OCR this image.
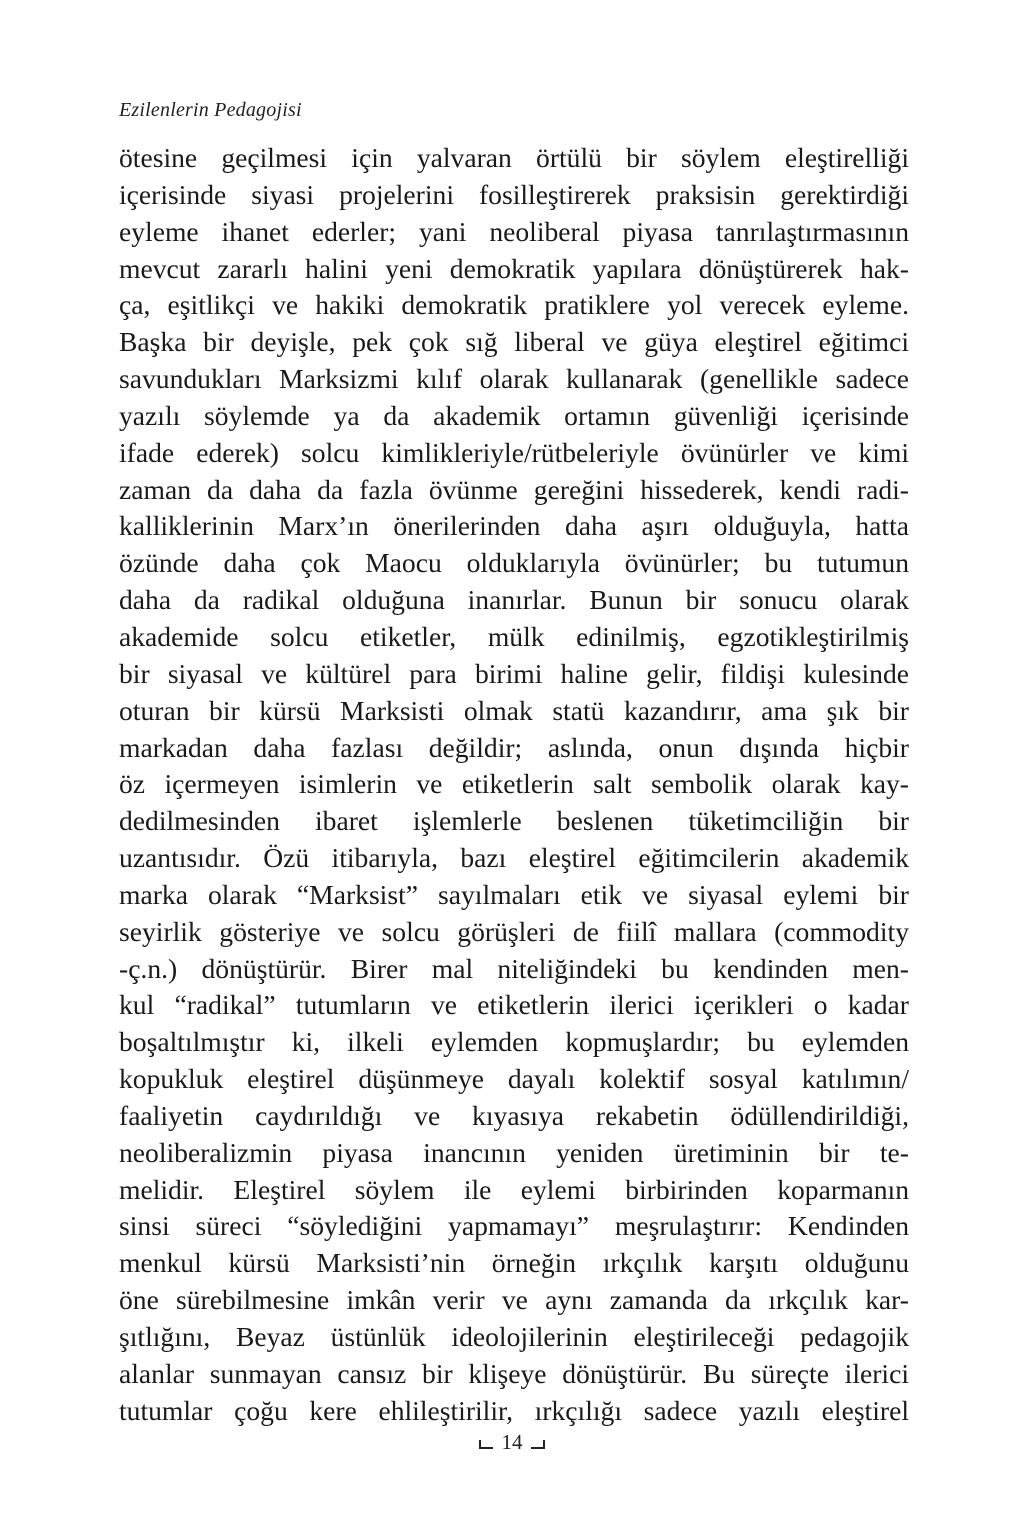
Ezilenlerin Pedagojisi
ötesine geçilmesi için yalvaran örtülü bir söylem eleştirelliği
içerisinde siyasi projelerini fosilleştirerek praksisin gerektirdiği
eyleme ihanet ederler; yani neoliberal piyasa tanrılaştırmasının
mevcut zararlı halini yeni demokratik yapılara dönüştürerek hak-
ça, eşitlikçi ve hakiki demokratik pratiklere yol verecek eyleme.
Başka bir deyişle, pek çok sığ liberal ve güya eleştirel eğitimci
savundukları Marksizmi kılıf olarak kullanarak (genellikle sadece
yazılı söylemde ya da akademik ortamın güvenliği içerisinde
ifade ederek) solcu kimlikleriyle/rütbeleriyle övünürler ve kimi
zaman da daha da fazla övünme gereğini hissederek, kendi radi-
kalliklerinin Marx’ın önerilerinden daha aşırı olduğuyla, hatta
özünde daha çok Maocu olduklarıyla övünürler; bu tutumun
daha da radikal olduğuna inanırlar. Bunun bir sonucu olarak
akademide solcu etiketler, mülk edinilmiş, egzotikleştirilmiş
bir siyasal ve kültürel para birimi haline gelir, fildişi kulesinde
oturan bir kürsü Marksisti olmak statü kazandırır, ama şık bir
markadan daha fazlası değildir; aslında, onun dışında hiçbir
öz içermeyen isimlerin ve etiketlerin salt sembolik olarak kay-
dedilmesinden ibaret işlemlerle beslenen tüketimciliğin bir
uzantısıdır. Özü itibarıyla, bazı eleştirel eğitimcilerin akademik
marka olarak “Marksist” sayılmaları etik ve siyasal eylemi bir
seyirlik gösteriye ve solcu görüşleri de fiilî mallara (commodity
-ç.n.) dönüştürür. Birer mal niteliğindeki bu kendinden men-
kul “radikal” tutumların ve etiketlerin ilerici içerikleri o kadar
boşaltılmıştır ki, ilkeli eylemden kopmuşlardır; bu eylemden
kopukluk eleştirel düşünmeye dayalı kolektif sosyal katılımın/
faaliyetin caydırıldığı ve kıyasıya rekabetin ödüllendirildiği,
neoliberalizmin piyasa inancının yeniden üretiminin bir te-
melidir. Eleştirel söylem ile eylemi birbirinden koparmanın
sinsi süreci “söylediğini yapmamayı” meşrulaştırır: Kendinden
menkul kürsü Marksisti’nin örneğin ırkçılık karşıtı olduğunu
öne sürebilmesine imkân verir ve aynı zamanda da ırkçılık kar-
şıtlığını, Beyaz üstünlük ideolojilerinin eleştirileceği pedagojik
alanlar sunmayan cansız bir klişeye dönüştürür. Bu süreçte ilerici
tutumlar çoğu kere ehlileştirilir, ırkçılığı sadece yazılı eleştirel
14
